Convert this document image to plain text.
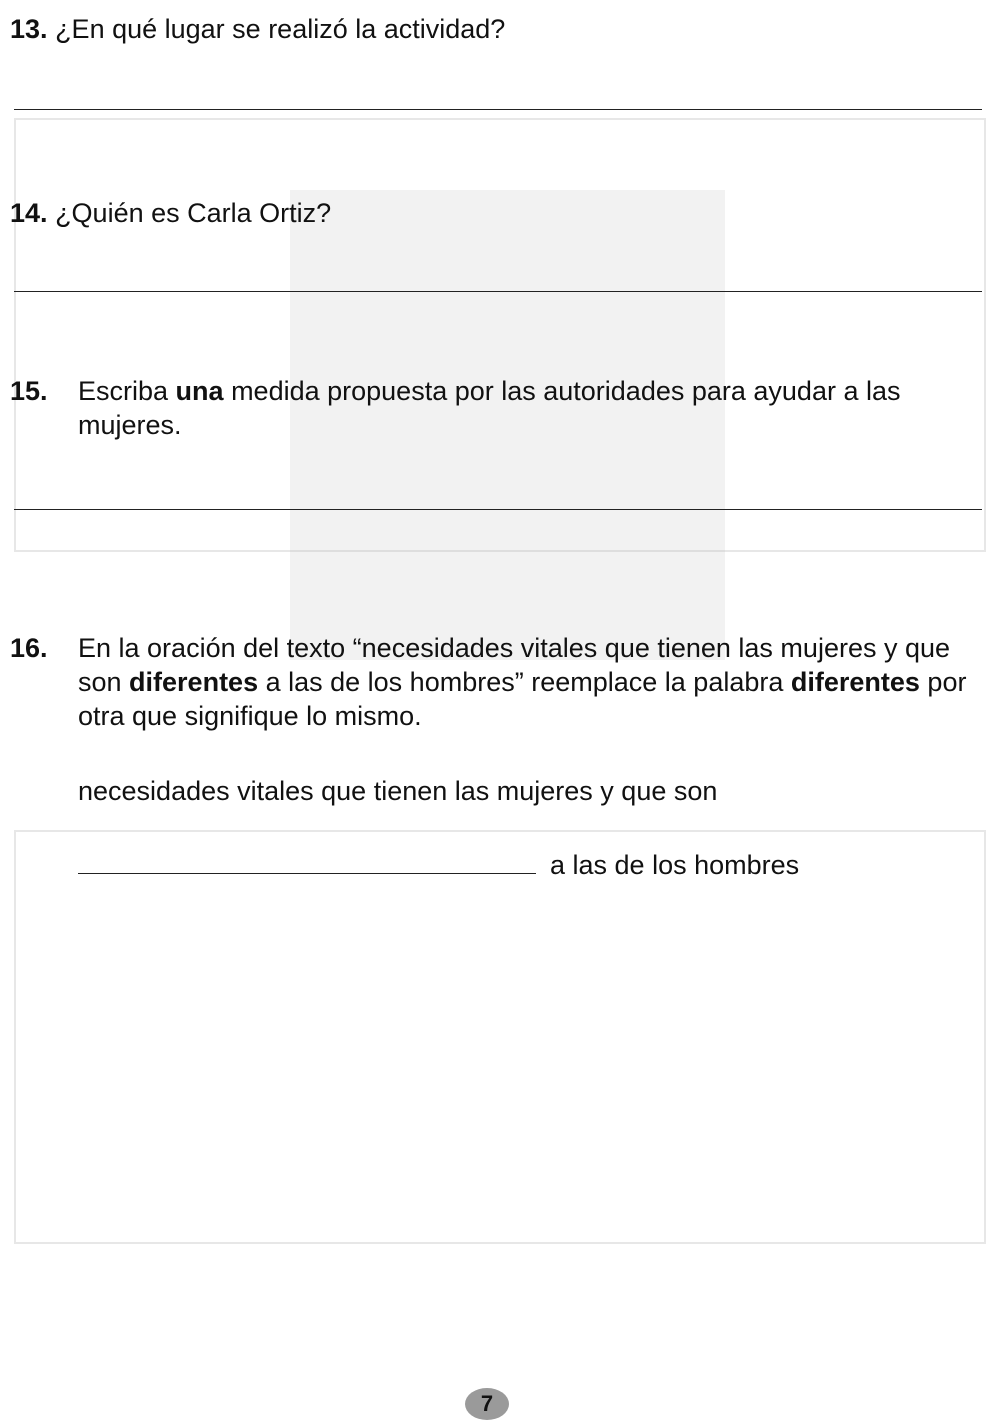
13. ¿En qué lugar se realizó la actividad?
14. ¿Quién es Carla Ortiz?
15. Escriba una medida propuesta por las autoridades para ayudar a las mujeres.
16. En la oración del texto “necesidades vitales que tienen las mujeres y que son diferentes a las de los hombres” reemplace la palabra diferentes por otra que signifique lo mismo.
necesidades vitales que tienen las mujeres y que son
a las de los hombres
7
